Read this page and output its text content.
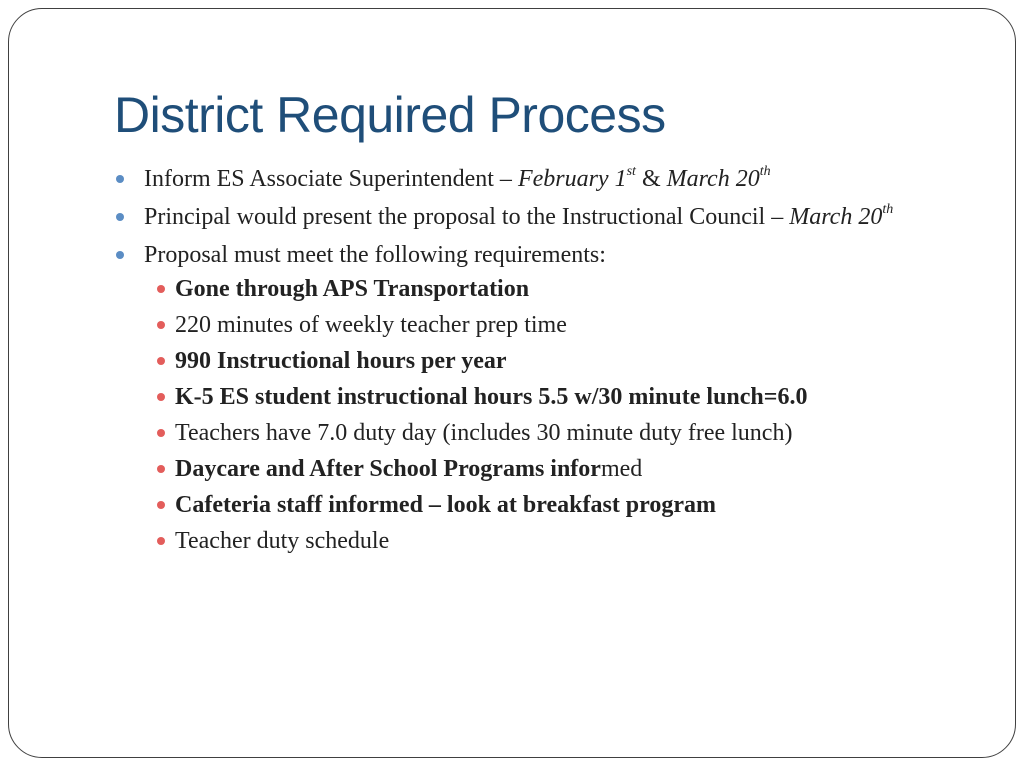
District Required Process
Inform ES Associate Superintendent – February 1st & March 20th
Principal would present the proposal to the Instructional Council – March 20th
Proposal must meet the following requirements:
Gone through APS Transportation
220 minutes of weekly teacher prep time
990 Instructional hours per year
K-5 ES student instructional hours 5.5 w/30 minute lunch=6.0
Teachers have 7.0 duty day (includes 30 minute duty free lunch)
Daycare and After School Programs informed
Cafeteria staff informed – look at breakfast program
Teacher duty schedule
